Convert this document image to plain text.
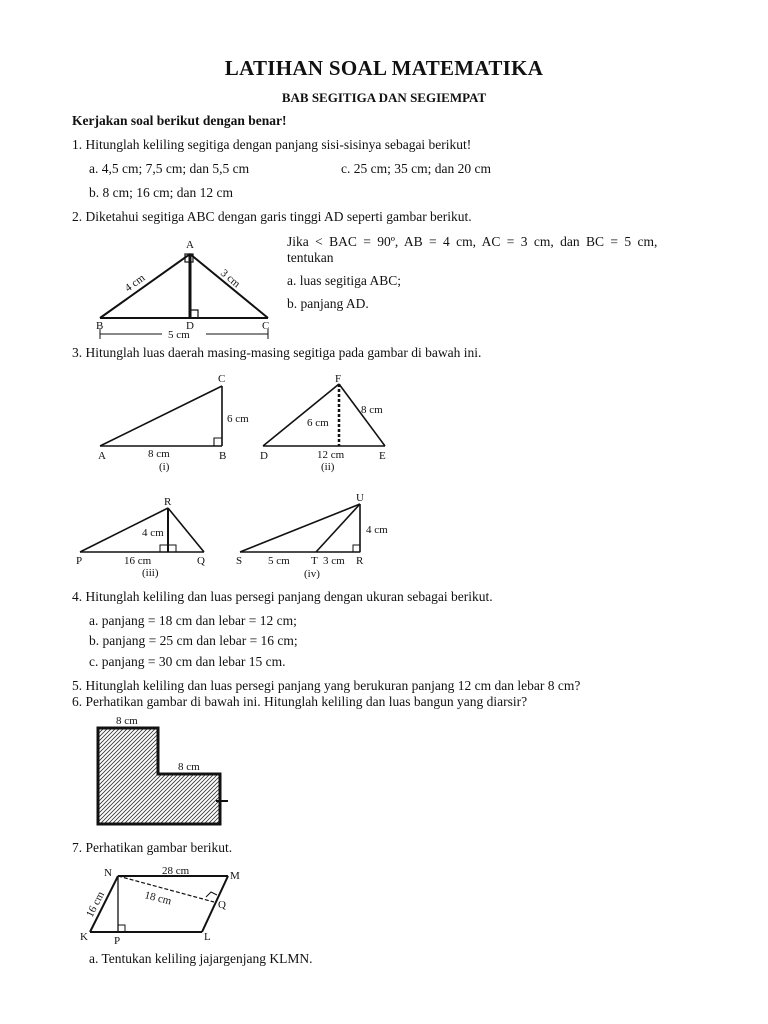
LATIHAN SOAL MATEMATIKA
BAB SEGITIGA DAN SEGIEMPAT
Kerjakan soal berikut dengan benar!
1. Hitunglah keliling segitiga dengan panjang sisi-sisinya sebagai berikut!
a. 4,5 cm; 7,5 cm; dan 5,5 cm	c. 25 cm; 35 cm; dan 20 cm
b. 8 cm; 16 cm; dan 12 cm
2. Diketahui segitiga ABC dengan garis tinggi AD seperti gambar berikut.
Jika < BAC = 90º, AB = 4 cm, AC = 3 cm, dan BC = 5 cm,
tentukan
a. luas segitiga ABC;
b. panjang AD.
A
B	C
D
4 cm	3 cm
5 cm
3. Hitunglah luas daerah masing-masing segitiga pada gambar di bawah ini.
C
A	B
8 cm
6 cm
(i)
F
D	E
6 cm
8 cm
12 cm
(ii)
R
P	Q
4 cm
16 cm
(iii)
U
S	T	R
5 cm	3 cm
4 cm
(iv)
4. Hitunglah keliling dan luas persegi panjang dengan ukuran sebagai berikut.
a. panjang = 18 cm dan lebar = 12 cm;
b. panjang = 25 cm dan lebar = 16 cm;
c. panjang = 30 cm dan lebar 15 cm.
5. Hitunglah keliling dan luas persegi panjang yang berukuran panjang 12 cm dan lebar 8 cm?
6. Perhatikan gambar di bawah ini. Hitunglah keliling dan luas bangun yang diarsir?
8 cm
8 cm
7. Perhatikan gambar berikut.
N	M
K	L
P
Q
28 cm
18 cm
16 cm
a. Tentukan keliling jajargenjang KLMN.
